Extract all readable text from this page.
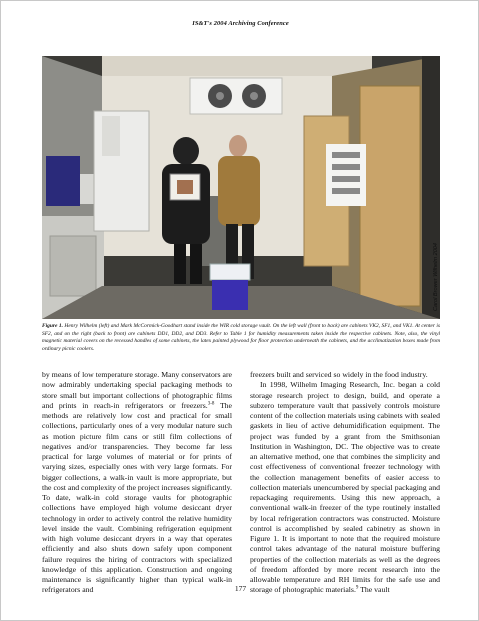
IS&T's 2004 Archiving Conference
Carol Brower Wilhelm 2004
Figure 1. Henry Wilhelm (left) and Mark McCormick-Goodhart stand inside the WIR cold storage vault. On the left wall (front to back) are cabinets VK2, SF1, and VK1. At center is SF2, and on the right (back to front) are cabinets DD1, DD2, and DD3. Refer to Table 1 for humidity measurements taken inside the respective cabinets. Note, also, the vinyl magnetic material covers on the recessed handles of some cabinets, the latex painted plywood for floor protection underneath the cabinets, and the acclimatization boxes made from ordinary picnic coolers.

by means of low temperature storage. Many conservators are now admirably undertaking special packaging methods to store small but important collections of photographic films and prints in reach-in refrigerators or freezers.$^{3-8}$ The methods are relatively low cost and practical for small collections, particularly ones of a very modular nature such as motion picture film cans or still film collections of negatives and/or transparencies. They become far less practical for large volumes of material or for prints of varying sizes, especially ones with very large formats. For bigger collections, a walk-in vault is more appropriate, but the cost and complexity of the project increases significantly. To date, walk-in cold storage vaults for photographic collections have employed high volume desiccant dryer technology in order to actively control the relative humidity level inside the vault. Combining refrigeration equipment with high volume desiccant dryers in a way that operates efficiently and also shuts down safely upon component failure requires the hiring of contractors with specialized knowledge of this application. Construction and ongoing maintenance is significantly higher than typical walk-in refrigerators and

freezers built and serviced so widely in the food industry.

In 1998, Wilhelm Imaging Research, Inc. began a cold storage research project to design, build, and operate a subzero temperature vault that passively controls moisture content of the collection materials using cabinets with sealed gaskets in lieu of active dehumidification equipment. The project was funded by a grant from the Smithsonian Institution in Washington, DC. The objective was to create an alternative method, one that combines the simplicity and cost effectiveness of conventional freezer technology with the collection management benefits of easier access to collection materials unencumbered by special packaging and repackaging requirements. Using this new approach, a conventional walk-in freezer of the type routinely installed by local refrigeration contractors was constructed. Moisture control is accomplished by sealed cabinetry as shown in Figure 1. It is important to note that the required moisture control takes advantage of the natural moisture buffering properties of the collection materials as well as the degrees of freedom afforded by more recent research into the allowable temperature and RH limits for the safe use and storage of photographic materials.$^9$ The vault

177
